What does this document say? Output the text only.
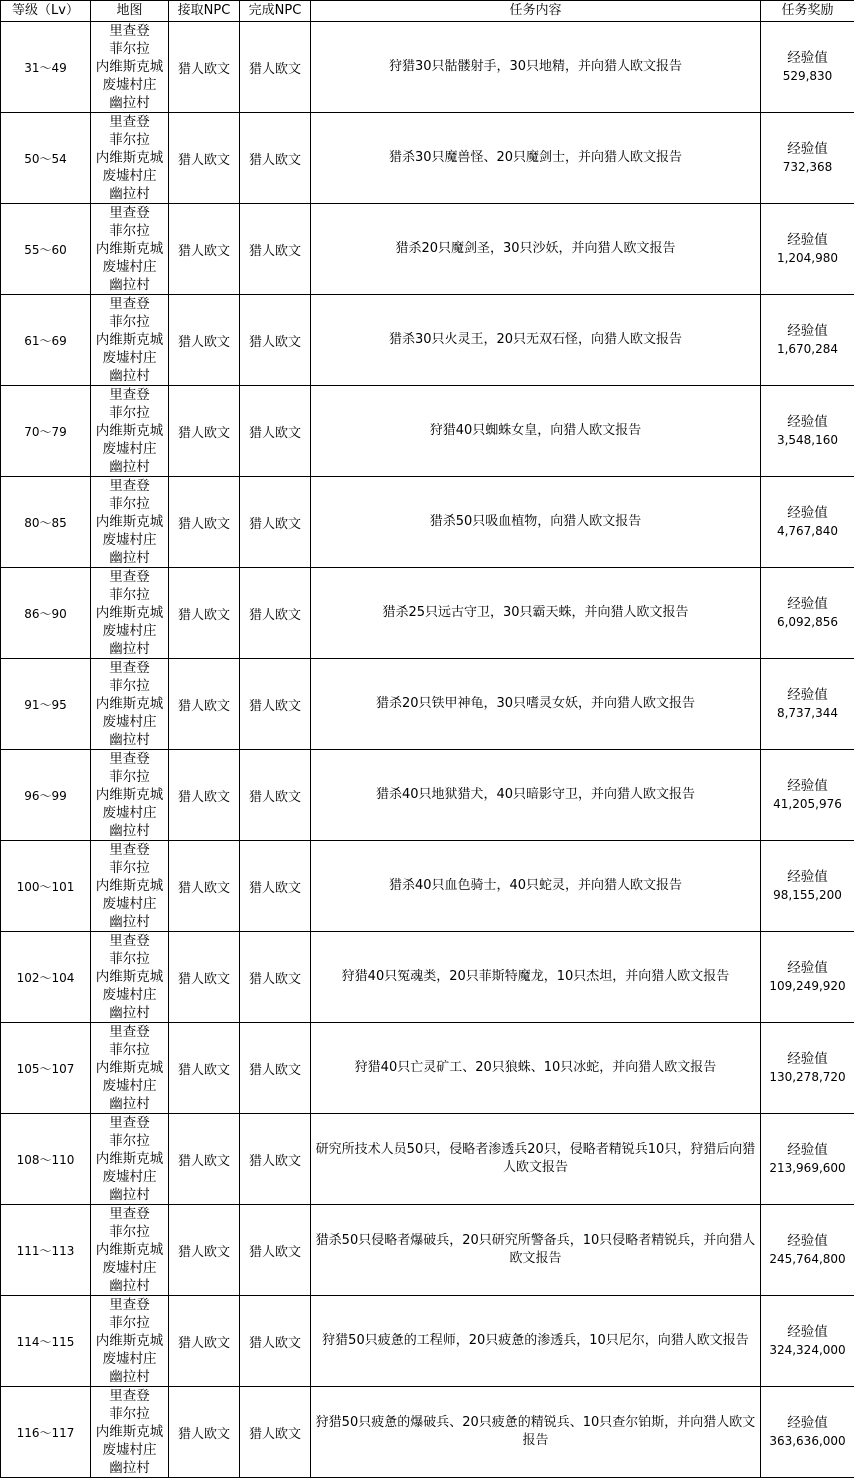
等级（Lv）	地图	接取NPC	完成NPC	任务内容	任务奖励
31～49	里查登
菲尔拉
内维斯克城
废墟村庄
幽拉村	猎人欧文	猎人欧文	狩猎30只骷髅射手，30只地精，并向猎人欧文报告	经验值
529,830

50～54	里查登
菲尔拉
内维斯克城
废墟村庄
幽拉村	猎人欧文	猎人欧文	猎杀30只魔兽怪、20只魔剑士，并向猎人欧文报告	经验值
732,368

55～60	里查登
菲尔拉
内维斯克城
废墟村庄
幽拉村	猎人欧文	猎人欧文	猎杀20只魔剑圣，30只沙妖，并向猎人欧文报告	经验值
1,204,980

61～69	里查登
菲尔拉
内维斯克城
废墟村庄
幽拉村	猎人欧文	猎人欧文	猎杀30只火灵王，20只无双石怪，向猎人欧文报告	经验值
1,670,284

70～79	里查登
菲尔拉
内维斯克城
废墟村庄
幽拉村	猎人欧文	猎人欧文	狩猎40只蜘蛛女皇，向猎人欧文报告	经验值
3,548,160

80～85	里查登
菲尔拉
内维斯克城
废墟村庄
幽拉村	猎人欧文	猎人欧文	猎杀50只吸血植物，向猎人欧文报告	经验值
4,767,840

86～90	里查登
菲尔拉
内维斯克城
废墟村庄
幽拉村	猎人欧文	猎人欧文	猎杀25只远古守卫，30只霸天蛛，并向猎人欧文报告	经验值
6,092,856

91～95	里查登
菲尔拉
内维斯克城
废墟村庄
幽拉村	猎人欧文	猎人欧文	猎杀20只铁甲神龟，30只嗜灵女妖，并向猎人欧文报告	经验值
8,737,344

96～99	里查登
菲尔拉
内维斯克城
废墟村庄
幽拉村	猎人欧文	猎人欧文	猎杀40只地狱猎犬，40只暗影守卫，并向猎人欧文报告	经验值
41,205,976

100～101	里查登
菲尔拉
内维斯克城
废墟村庄
幽拉村	猎人欧文	猎人欧文	猎杀40只血色骑士，40只蛇灵，并向猎人欧文报告	经验值
98,155,200

102～104	里查登
菲尔拉
内维斯克城
废墟村庄
幽拉村	猎人欧文	猎人欧文	狩猎40只冤魂类，20只菲斯特魔龙，10只杰坦，并向猎人欧文报告	经验值
109,249,920

105～107	里查登
菲尔拉
内维斯克城
废墟村庄
幽拉村	猎人欧文	猎人欧文	狩猎40只亡灵矿工、20只狼蛛、10只冰蛇，并向猎人欧文报告	经验值
130,278,720

108～110	里查登
菲尔拉
内维斯克城
废墟村庄
幽拉村	猎人欧文	猎人欧文	研究所技术人员50只，侵略者渗透兵20只，侵略者精锐兵10只，狩猎后向猎人欧文报告	经验值
213,969,600

111～113	里查登
菲尔拉
内维斯克城
废墟村庄
幽拉村	猎人欧文	猎人欧文	猎杀50只侵略者爆破兵，20只研究所警备兵，10只侵略者精锐兵，并向猎人欧文报告	经验值
245,764,800

114～115	里查登
菲尔拉
内维斯克城
废墟村庄
幽拉村	猎人欧文	猎人欧文	狩猎50只疲惫的工程师，20只疲惫的渗透兵，10只尼尔，向猎人欧文报告	经验值
324,324,000

116～117	里查登
菲尔拉
内维斯克城
废墟村庄
幽拉村	猎人欧文	猎人欧文	狩猎50只疲惫的爆破兵、20只疲惫的精锐兵、10只查尔铂斯，并向猎人欧文报告	经验值
363,636,000
